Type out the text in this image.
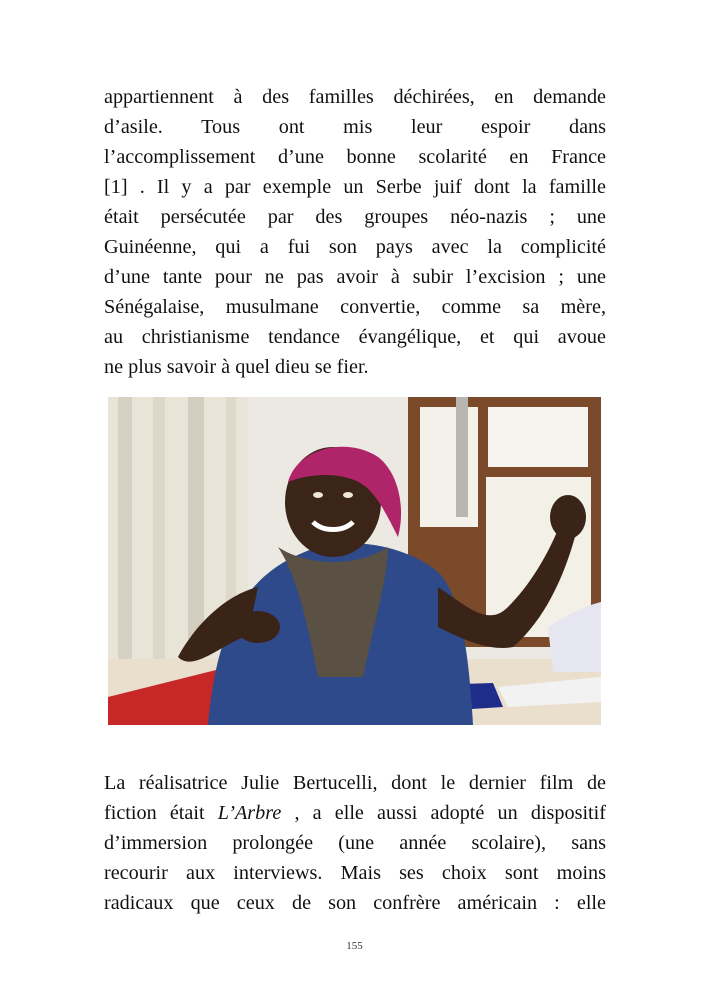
appartiennent à des familles déchirées, en demande
d’asile. Tous ont mis leur espoir dans
l’accomplissement d’une bonne scolarité en France
[1] . Il y a par exemple un Serbe juif dont la famille
était persécutée par des groupes néo-nazis ; une
Guinéenne, qui a fui son pays avec la complicité
d’une tante pour ne pas avoir à subir l’excision ; une
Sénégalaise, musulmane convertie, comme sa mère,
au christianisme tendance évangélique, et qui avoue
ne plus savoir à quel dieu se fier.
La réalisatrice Julie Bertucelli, dont le dernier film de
fiction était L’Arbre , a elle aussi adopté un dispositif
d’immersion prolongée (une année scolaire), sans
recourir aux interviews. Mais ses choix sont moins
radicaux que ceux de son confrère américain : elle
155
